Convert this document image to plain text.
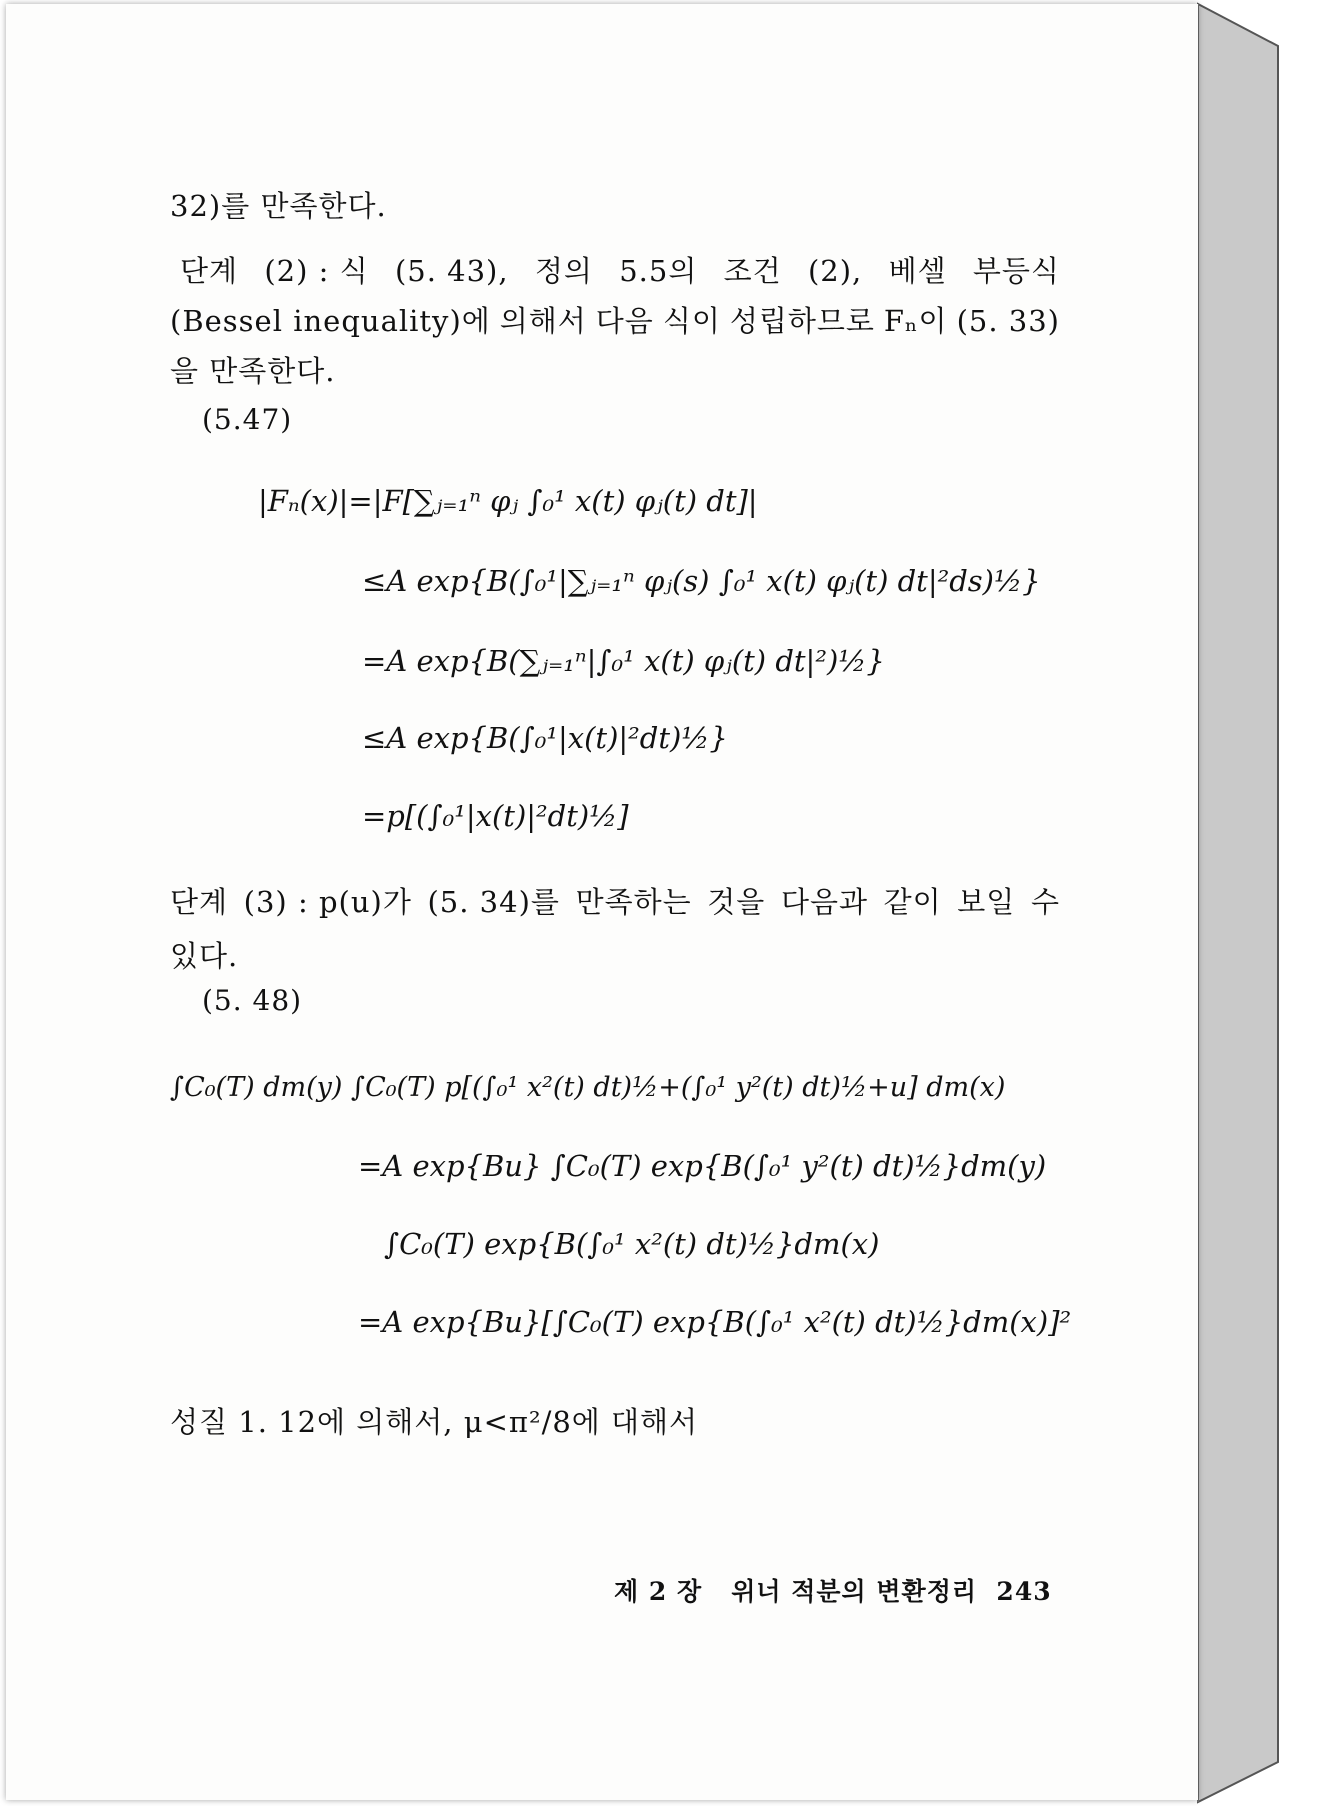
32)를 만족한다.
단계 (2) : 식 (5. 43), 정의 5.5의 조건 (2), 베셀 부등식
(Bessel inequality)에 의해서 다음 식이 성립하므로 Fₙ이 (5. 33)
을 만족한다.
(5.47)
|Fₙ(x)|=|F[∑ⱼ₌₁ⁿ φⱼ ∫₀¹ x(t) φⱼ(t) dt]|
≤A exp{B(∫₀¹|∑ⱼ₌₁ⁿ φⱼ(s) ∫₀¹ x(t) φⱼ(t) dt|²ds)½}
=A exp{B(∑ⱼ₌₁ⁿ|∫₀¹ x(t) φⱼ(t) dt|²)½}
≤A exp{B(∫₀¹|x(t)|²dt)½}
=p[(∫₀¹|x(t)|²dt)½]
단계 (3) : p(u)가 (5. 34)를 만족하는 것을 다음과 같이 보일 수
있다.
(5. 48)
∫C₀(T) dm(y) ∫C₀(T) p[(∫₀¹ x²(t) dt)½+(∫₀¹ y²(t) dt)½+u] dm(x)
=A exp{Bu} ∫C₀(T) exp{B(∫₀¹ y²(t) dt)½}dm(y)
∫C₀(T) exp{B(∫₀¹ x²(t) dt)½}dm(x)
=A exp{Bu}[∫C₀(T) exp{B(∫₀¹ x²(t) dt)½}dm(x)]²
성질 1. 12에 의해서, μ<π²/8에 대해서
제 2 장 위너 적분의 변환정리 243
